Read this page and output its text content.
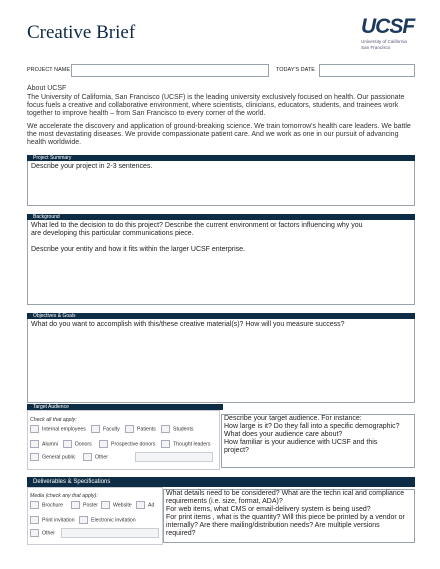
Creative Brief	UCSF
University of California
San Francisco
PROJECT NAME	TODAY'S DATE
About UCSF
The University of California, San Francisco (UCSF) is the leading university exclusively focused on health. Our passionate focus fuels a creative and collaborative environment, where scientists, clinicians, educators, students, and trainees work together to improve health – from San Francisco to every corner of the world.
We accelerate the discovery and application of ground-breaking science. We train tomorrow's health care leaders. We battle the most devastating diseases. We provide compassionate patient care. And we work as one in our pursuit of advancing health worldwide.
Project Summary
Describe your project in 2-3 sentences.
Background
What led to the decision to do this project? Describe the current environment or factors influencing why you
are developing this particular communications piece.
Describe your entity and how it fits within the larger UCSF enterprise.
Objectives & Goals
What do you want to accomplish with this/these creative material(s)? How will you measure success?
Target Audience
Check all that apply:
Internal employees	Faculty	Patients	Students
Alumni	Donors	Prospective donors	Thought leaders
General public	Other
Describe your target audience. For instance:
How large is it? Do they fall into a specific demographic?
What does your audience care about?
How familiar is your audience with UCSF and this
project?
Deliverables & Specifications
Media (check any that apply):
Brochure	Poster	Website	Ad
Print invitation	Electronic invitation
Other
What details need to be considered? What are the techn ical and compliance
requirements (i.e. size, format, ADA)?
For web items, what CMS or email-delivery system is being used?
For print items , what is the quantity? Will this piece be printed by a vendor or
internally? Are there mailing/distribution needs? Are multiple versions
required?
